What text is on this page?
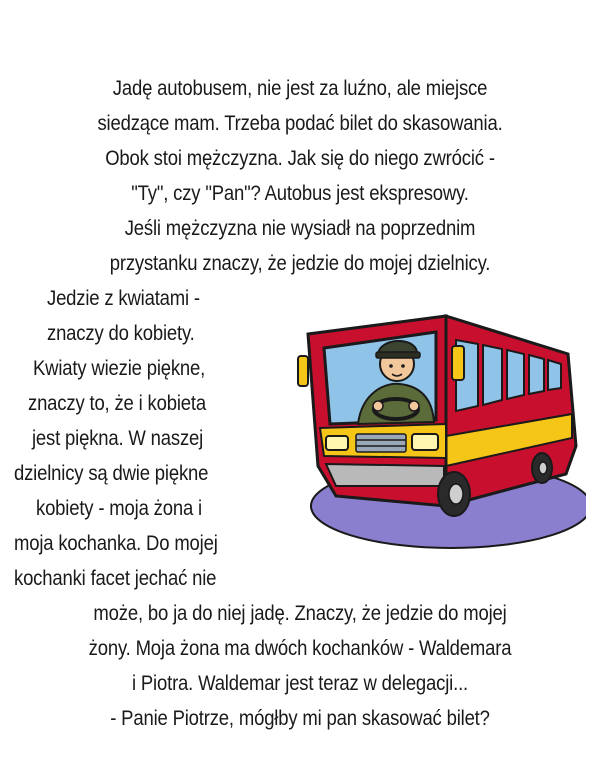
Jadę autobusem, nie jest za luźno, ale miejsce
siedzące mam. Trzeba podać bilet do skasowania.
Obok stoi mężczyzna. Jak się do niego zwrócić -
"Ty", czy "Pan"? Autobus jest ekspresowy.
Jeśli mężczyzna nie wysiadł na poprzednim
przystanku znaczy, że jedzie do mojej dzielnicy.
Jedzie z kwiatami -
znaczy do kobiety.
Kwiaty wiezie piękne,
znaczy to, że i kobieta
jest piękna. W naszej
dzielnicy są dwie piękne
kobiety - moja żona i
moja kochanka. Do mojej
kochanki facet jechać nie
może, bo ja do niej jadę. Znaczy, że jedzie do mojej
żony. Moja żona ma dwóch kochanków - Waldemara
i Piotra. Waldemar jest teraz w delegacji...
- Panie Piotrze, mógłby mi pan skasować bilet?
